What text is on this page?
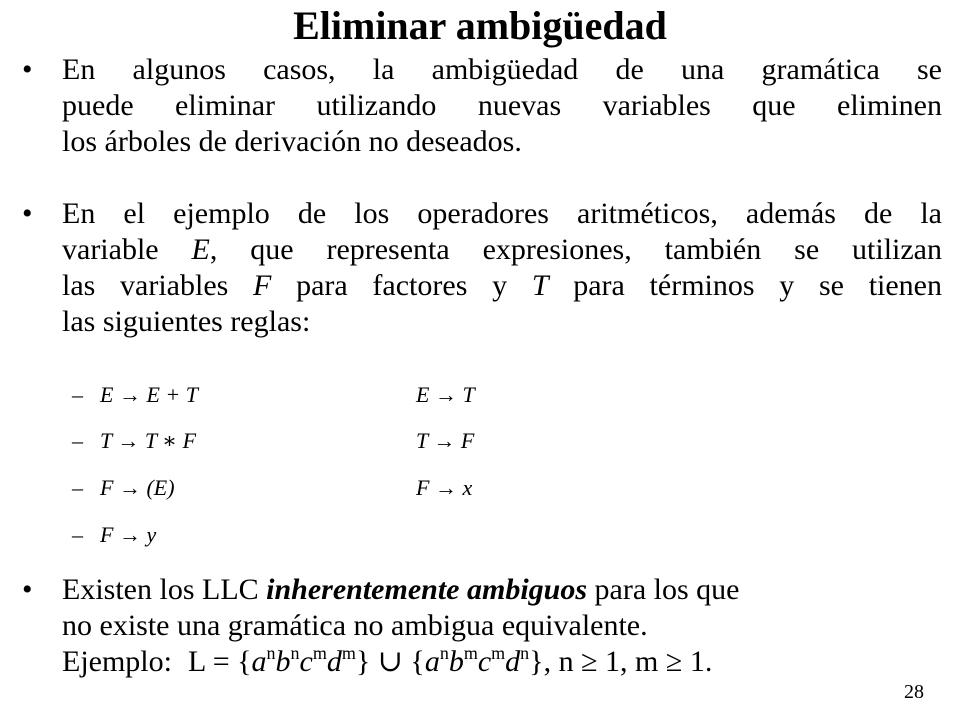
Eliminar ambigüedad
• En algunos casos, la ambigüedad de una gramática se
puede eliminar utilizando nuevas variables que eliminen
los árboles de derivación no deseados.
• En el ejemplo de los operadores aritméticos, además de la
variable E, que representa expresiones, también se utilizan
las variables F para factores y T para términos y se tienen
las siguientes reglas:
– E → E + T	E → T
– T → T ∗ F	T → F
– F → (E)	F → x
– F → y
• Existen los LLC inherentemente ambiguos para los que
no existe una gramática no ambigua equivalente.
Ejemplo: $L = \{a^nb^nc^md^m\}$ ∪ $\{a^nb^mc^md^n\}$, n ≥ 1, m ≥ 1.
28
